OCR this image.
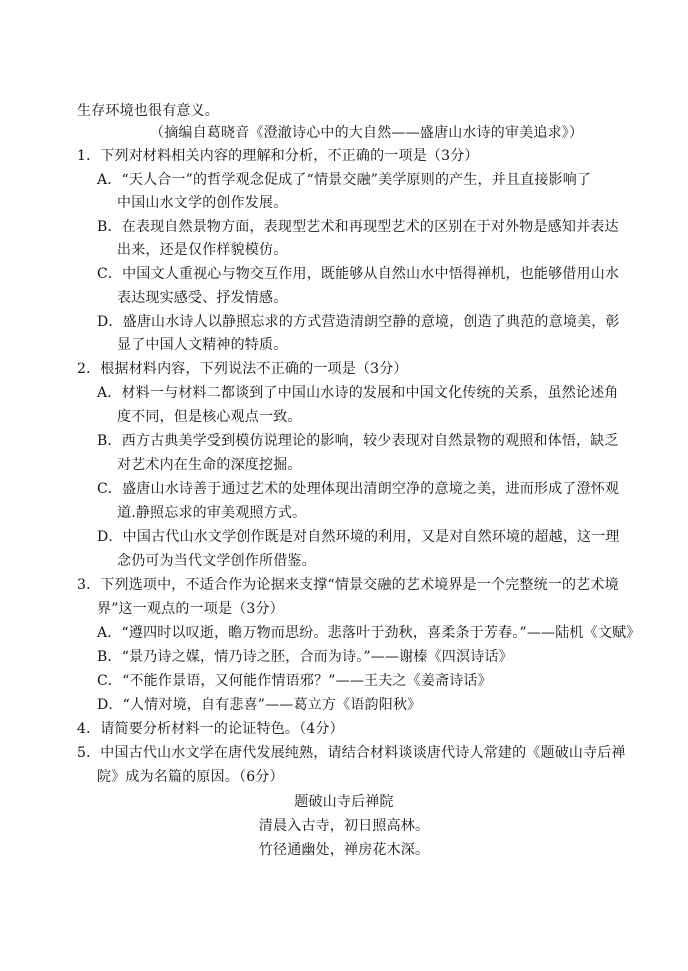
生存环境也很有意义。
（摘编自葛晓音《澄澈诗心中的大自然——盛唐山水诗的审美追求》）
1．下列对材料相关内容的理解和分析，不正确的一项是（3分）
A．“天人合一”的哲学观念促成了“情景交融”美学原则的产生，并且直接影响了
中国山水文学的创作发展。
B．在表现自然景物方面，表现型艺术和再现型艺术的区别在于对外物是感知并表达
出来，还是仅作样貌模仿。
C．中国文人重视心与物交互作用，既能够从自然山水中悟得禅机，也能够借用山水
表达现实感受、抒发情感。
D．盛唐山水诗人以静照忘求的方式营造清朗空静的意境，创造了典范的意境美，彰
显了中国人文精神的特质。
2．根据材料内容，下列说法不正确的一项是（3分）
A．材料一与材料二都谈到了中国山水诗的发展和中国文化传统的关系，虽然论述角
度不同，但是核心观点一致。
B．西方古典美学受到模仿说理论的影响，较少表现对自然景物的观照和体悟，缺乏
对艺术内在生命的深度挖掘。
C．盛唐山水诗善于通过艺术的处理体现出清朗空净的意境之美，进而形成了澄怀观
道.静照忘求的审美观照方式。
D．中国古代山水文学创作既是对自然环境的利用，又是对自然环境的超越，这一理
念仍可为当代文学创作所借鉴。
3．下列选项中，不适合作为论据来支撑“情景交融的艺术境界是一个完整统一的艺术境
界”这一观点的一项是（3分）
A．“遵四时以叹逝，瞻万物而思纷。悲落叶于劲秋，喜柔条于芳春。”——陆机《文赋》
B．“景乃诗之媒，情乃诗之胚，合而为诗。”——谢榛《四溟诗话》
C．“不能作景语，又何能作情语邪？”——王夫之《姜斋诗话》
D．“人情对境，自有悲喜”——葛立方《语韵阳秋》
4．请简要分析材料一的论证特色。（4分）
5．中国古代山水文学在唐代发展纯熟，请结合材料谈谈唐代诗人常建的《题破山寺后禅
院》成为名篇的原因。（6分）
题破山寺后禅院
清晨入古寺，初日照高林。
竹径通幽处，禅房花木深。
